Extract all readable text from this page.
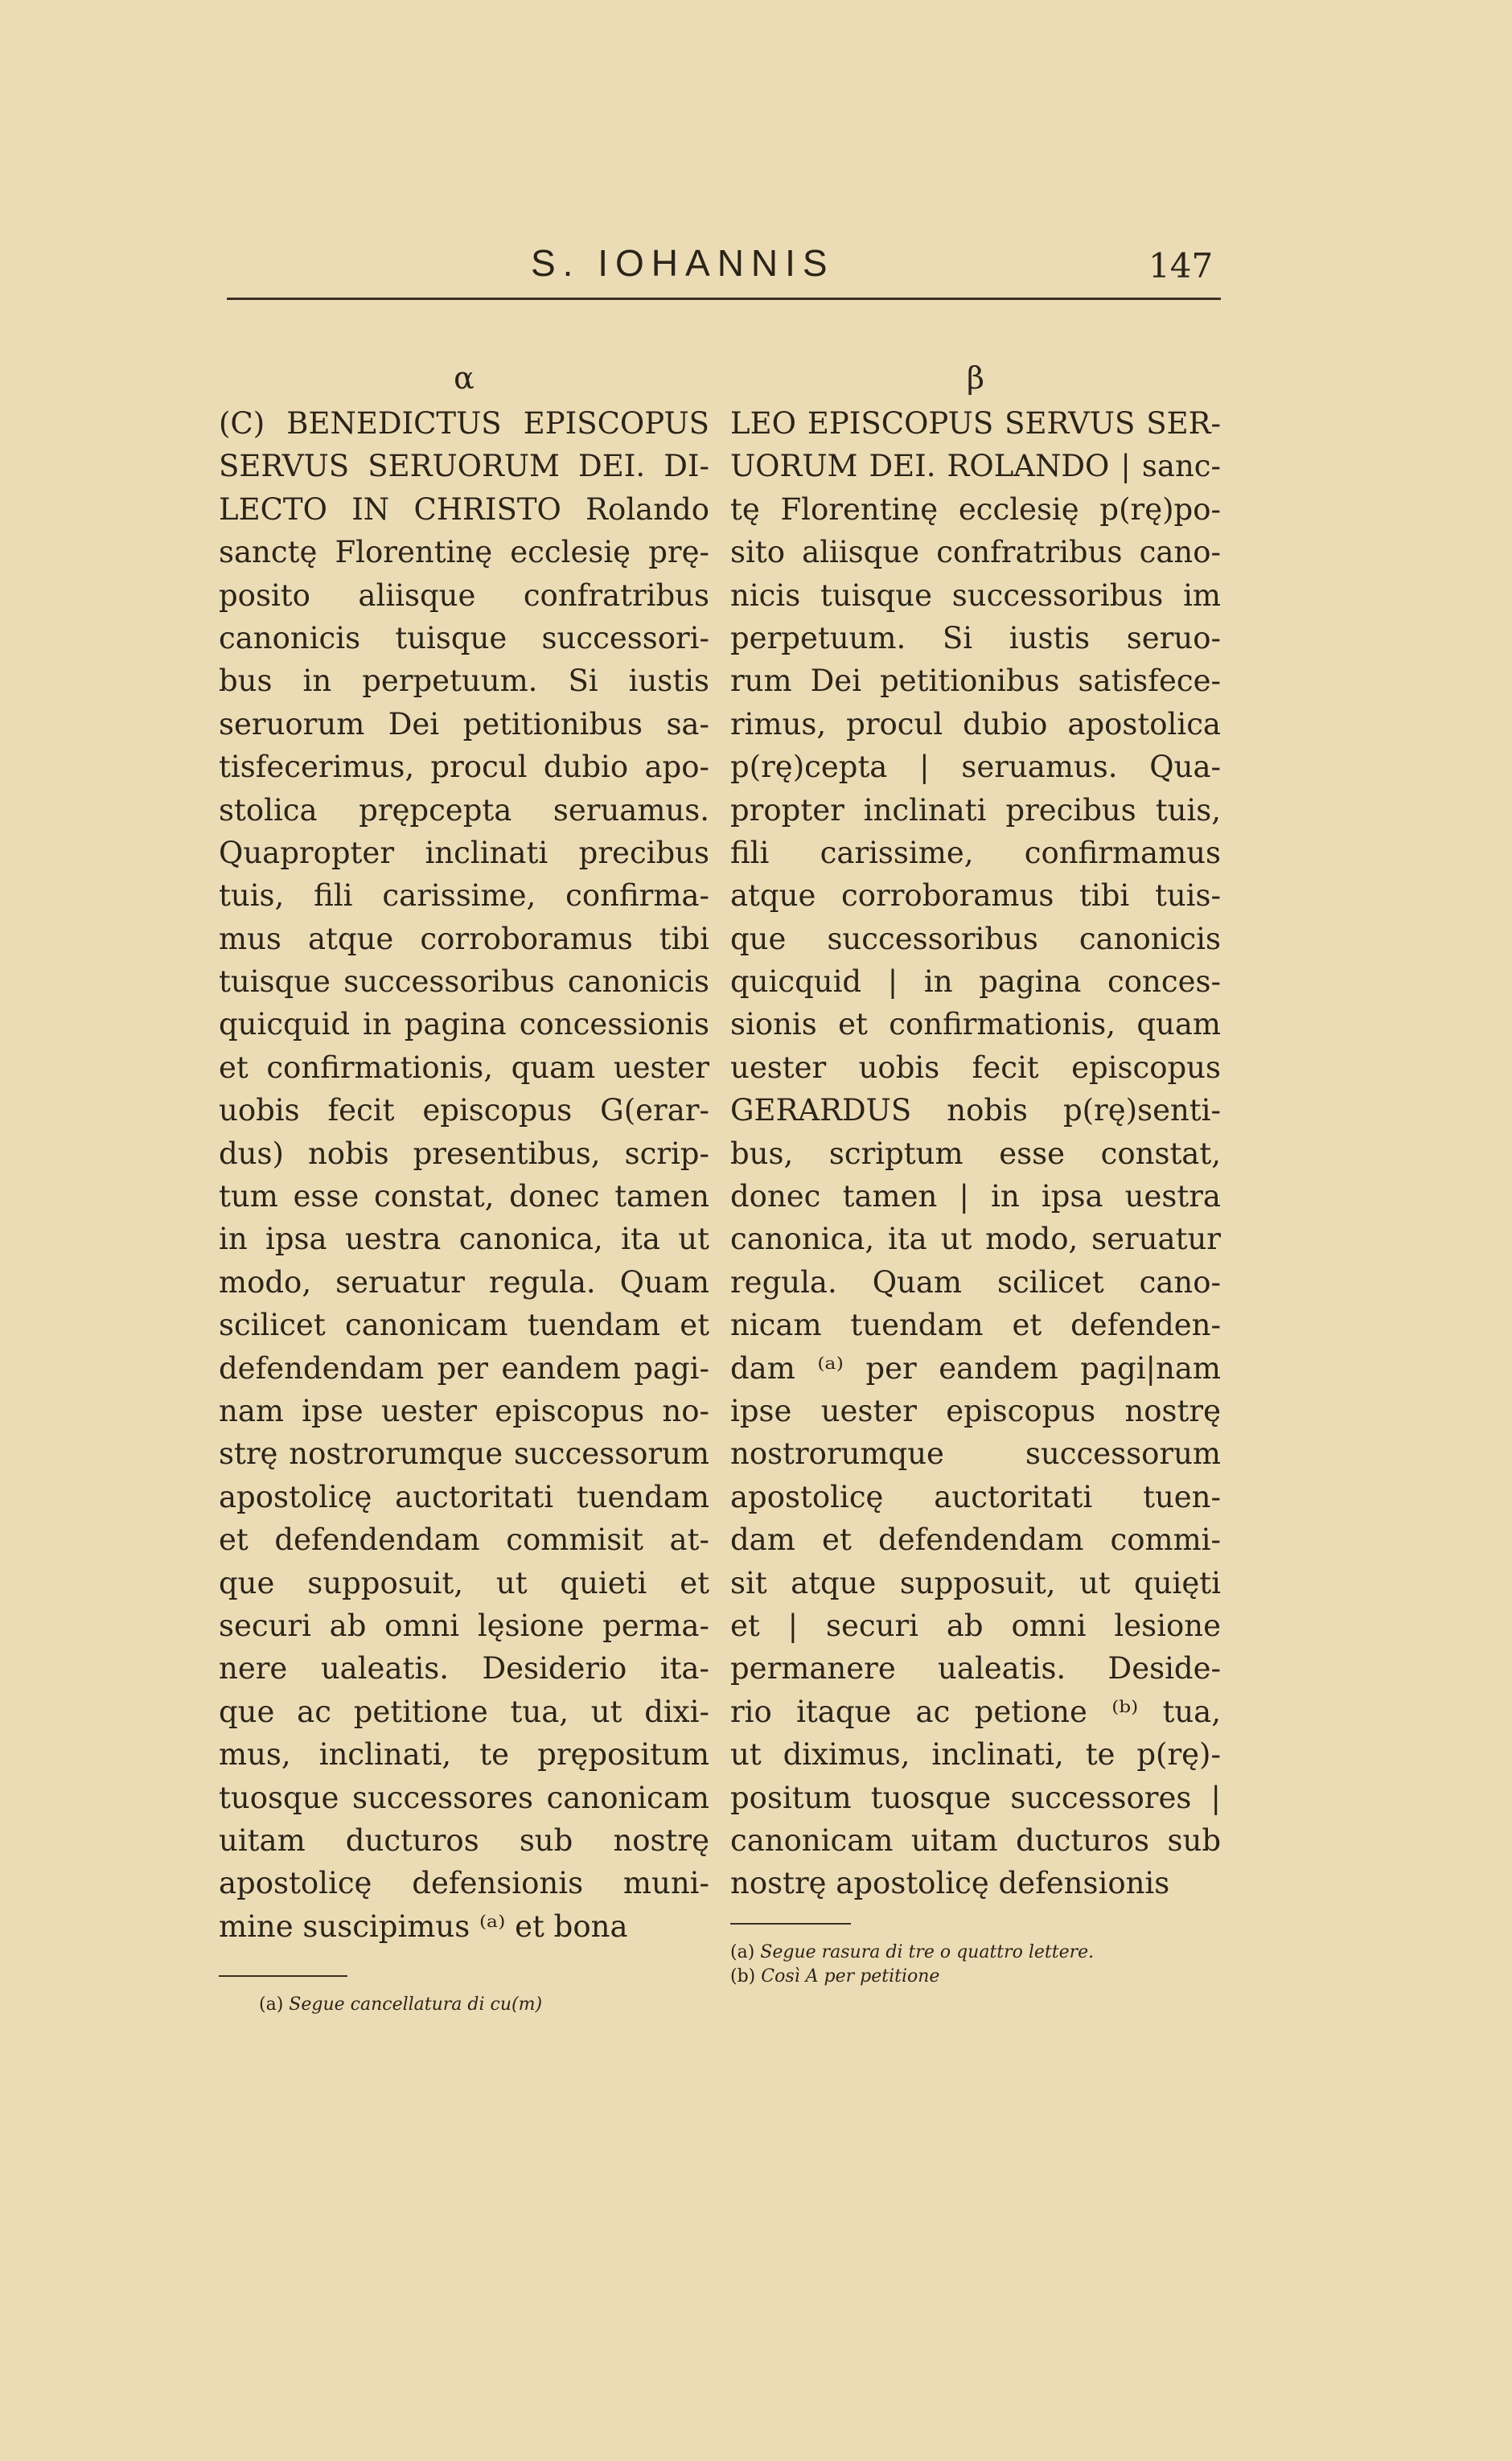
S. IOHANNIS	147
α
(C) BENEDICTUS EPISCOPUS
SERVUS SERUORUM DEI. DI-
LECTO IN CHRISTO Rolando
sanctę Florentinę ecclesię prę-
posito aliisque confratribus
canonicis tuisque successori-
bus in perpetuum. Si iustis
seruorum Dei petitionibus sa-
tisfecerimus, procul dubio apo-
stolica prępcepta seruamus.
Quapropter inclinati precibus
tuis, fili carissime, confirma-
mus atque corroboramus tibi
tuisque successoribus canonicis
quicquid in pagina concessionis
et confirmationis, quam uester
uobis fecit episcopus G(erar-
dus) nobis presentibus, scrip-
tum esse constat, donec tamen
in ipsa uestra canonica, ita ut
modo, seruatur regula. Quam
scilicet canonicam tuendam et
defendendam per eandem pagi-
nam ipse uester episcopus no-
strę nostrorumque successorum
apostolicę auctoritati tuendam
et defendendam commisit at-
que supposuit, ut quieti et
securi ab omni lęsione perma-
nere ualeatis. Desiderio ita-
que ac petitione tua, ut dixi-
mus, inclinati, te prępositum
tuosque successores canonicam
uitam ducturos sub nostrę
apostolicę defensionis muni-
mine suscipimus ⁽ᵃ⁾ et bona
(a) Segue cancellatura di cu(m)
β
LEO EPISCOPUS SERVUS SER-
UORUM DEI. ROLANDO | sanc-
tę Florentinę ecclesię p(rę)po-
sito aliisque confratribus cano-
nicis tuisque successoribus im
perpetuum. Si iustis seruo-
rum Dei petitionibus satisfece-
rimus, procul dubio apostolica
p(rę)cepta | seruamus. Qua-
propter inclinati precibus tuis,
fili carissime, confirmamus
atque corroboramus tibi tuis-
que successoribus canonicis
quicquid | in pagina conces-
sionis et confirmationis, quam
uester uobis fecit episcopus
GERARDUS nobis p(rę)senti-
bus, scriptum esse constat,
donec tamen | in ipsa uestra
canonica, ita ut modo, seruatur
regula. Quam scilicet cano-
nicam tuendam et defenden-
dam ⁽ᵃ⁾ per eandem pagi|nam
ipse uester episcopus nostrę
nostrorumque successorum
apostolicę auctoritati tuen-
dam et defendendam commi-
sit atque supposuit, ut quięti
et | securi ab omni lesione
permanere ualeatis. Deside-
rio itaque ac petione ⁽ᵇ⁾ tua,
ut diximus, inclinati, te p(rę)-
positum tuosque successores |
canonicam uitam ducturos sub
nostrę apostolicę defensionis
(a) Segue rasura di tre o quattro lettere.
(b) Così A per petitione
